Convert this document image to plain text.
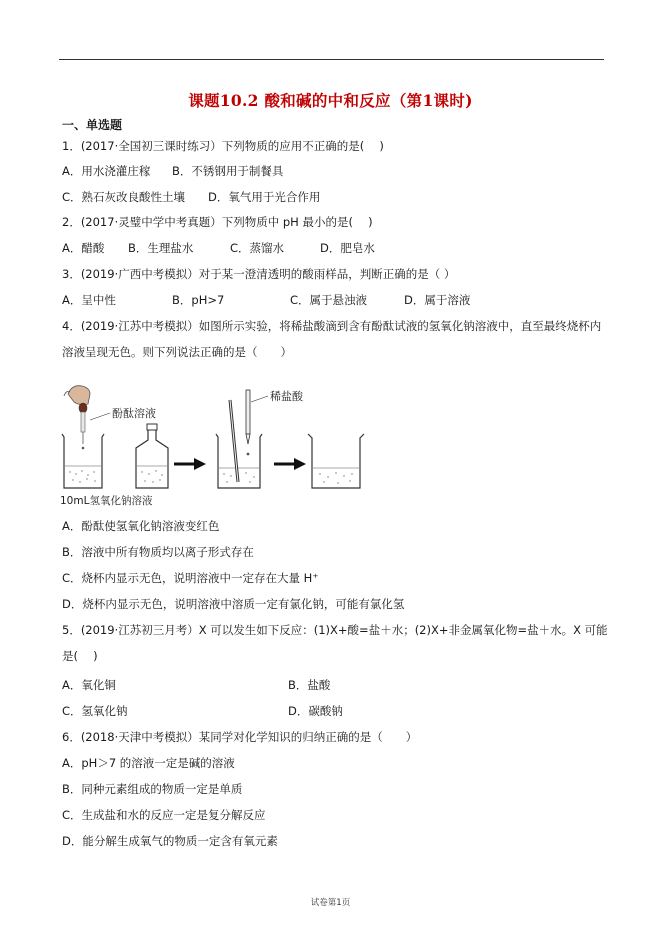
课题10.2 酸和碱的中和反应（第1课时)
一、单选题
1．(2017·全国初三课时练习）下列物质的应用不正确的是(　 )
A．用水浇灌庄稼 B．不锈钢用于制餐具
C．熟石灰改良酸性土壤 D．氧气用于光合作用
2．(2017·灵璧中学中考真题）下列物质中 pH 最小的是(　 )
A．醋酸 B．生理盐水	C．蒸馏水	D．肥皂水
3．(2019·广西中考模拟）对于某一澄清透明的酸雨样品，判断正确的是（ ）
A．呈中性	B．pH>7	C．属于悬浊液	D．属于溶液
4．(2019·江苏中考模拟）如图所示实验，将稀盐酸滴到含有酚酞试液的氢氧化钠溶液中，直至最终烧杯内
溶液呈现无色。则下列说法正确的是（　　）
酚酞溶液
10mL氢氧化钠溶液
稀盐酸
A．酚酞使氢氧化钠溶液变红色
B．溶液中所有物质均以离子形式存在
C．烧杯内显示无色，说明溶液中一定存在大量 H⁺
D．烧杯内显示无色，说明溶液中溶质一定有氯化钠，可能有氯化氢
5．(2019·江苏初三月考）X 可以发生如下反应：(1)X+酸=盐＋水；(2)X+非金属氧化物=盐＋水。X 可能
是(　 )
A．氧化铜	B．盐酸
C．氢氧化钠	D．碳酸钠
6．(2018·天津中考模拟）某同学对化学知识的归纳正确的是（　　）
A．pH＞7 的溶液一定是碱的溶液
B．同种元素组成的物质一定是单质
C．生成盐和水的反应一定是复分解反应
D．能分解生成氧气的物质一定含有氧元素
试卷第1页
